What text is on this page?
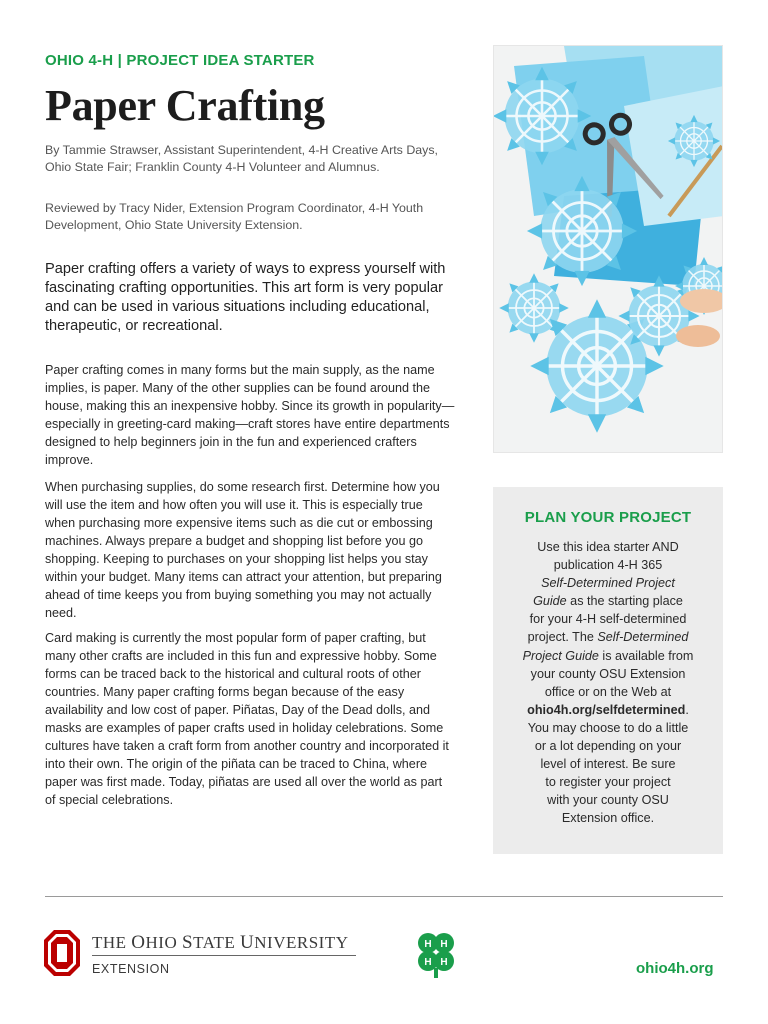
OHIO 4-H | PROJECT IDEA STARTER
Paper Crafting
By Tammie Strawser, Assistant Superintendent, 4-H Creative Arts Days, Ohio State Fair; Franklin County 4-H Volunteer and Alumnus.
Reviewed by Tracy Nider, Extension Program Coordinator, 4-H Youth Development, Ohio State University Extension.
Paper crafting offers a variety of ways to express yourself with fascinating crafting opportunities. This art form is very popular and can be used in various situations including educational, therapeutic, or recreational.

Paper crafting comes in many forms but the main supply, as the name implies, is paper. Many of the other supplies can be found around the house, making this an inexpensive hobby. Since its growth in popularity—especially in greeting-card making—craft stores have entire departments designed to help beginners join in the fun and experienced crafters improve.

When purchasing supplies, do some research first. Determine how you will use the item and how often you will use it. This is especially true when purchasing more expensive items such as die cut or embossing machines. Always prepare a budget and shopping list before you go shopping. Keeping to purchases on your shopping list helps you stay within your budget. Many items can attract your attention, but preparing ahead of time keeps you from buying something you may not actually need.

Card making is currently the most popular form of paper crafting, but many other crafts are included in this fun and expressive hobby. Some forms can be traced back to the historical and cultural roots of other countries. Many paper crafting forms began because of the easy availability and low cost of paper. Piñatas, Day of the Dead dolls, and masks are examples of paper crafts used in holiday celebrations. Some cultures have taken a craft form from another country and incorporated it into their own. The origin of the piñata can be traced to China, where paper was first made. Today, piñatas are used all over the world as part of special celebrations.

PLAN YOUR PROJECT
Use this idea starter AND
publication 4-H 365
Self-Determined Project
Guide as the starting place
for your 4-H self-determined
project. The Self-Determined
Project Guide is available from
your county OSU Extension
office or on the Web at
ohio4h.org/selfdetermined.
You may choose to do a little
or a lot depending on your
level of interest. Be sure
to register your project
with your county OSU
Extension office.
THE OHIO STATE UNIVERSITY
EXTENSION
H H
H H	ohio4h.org
